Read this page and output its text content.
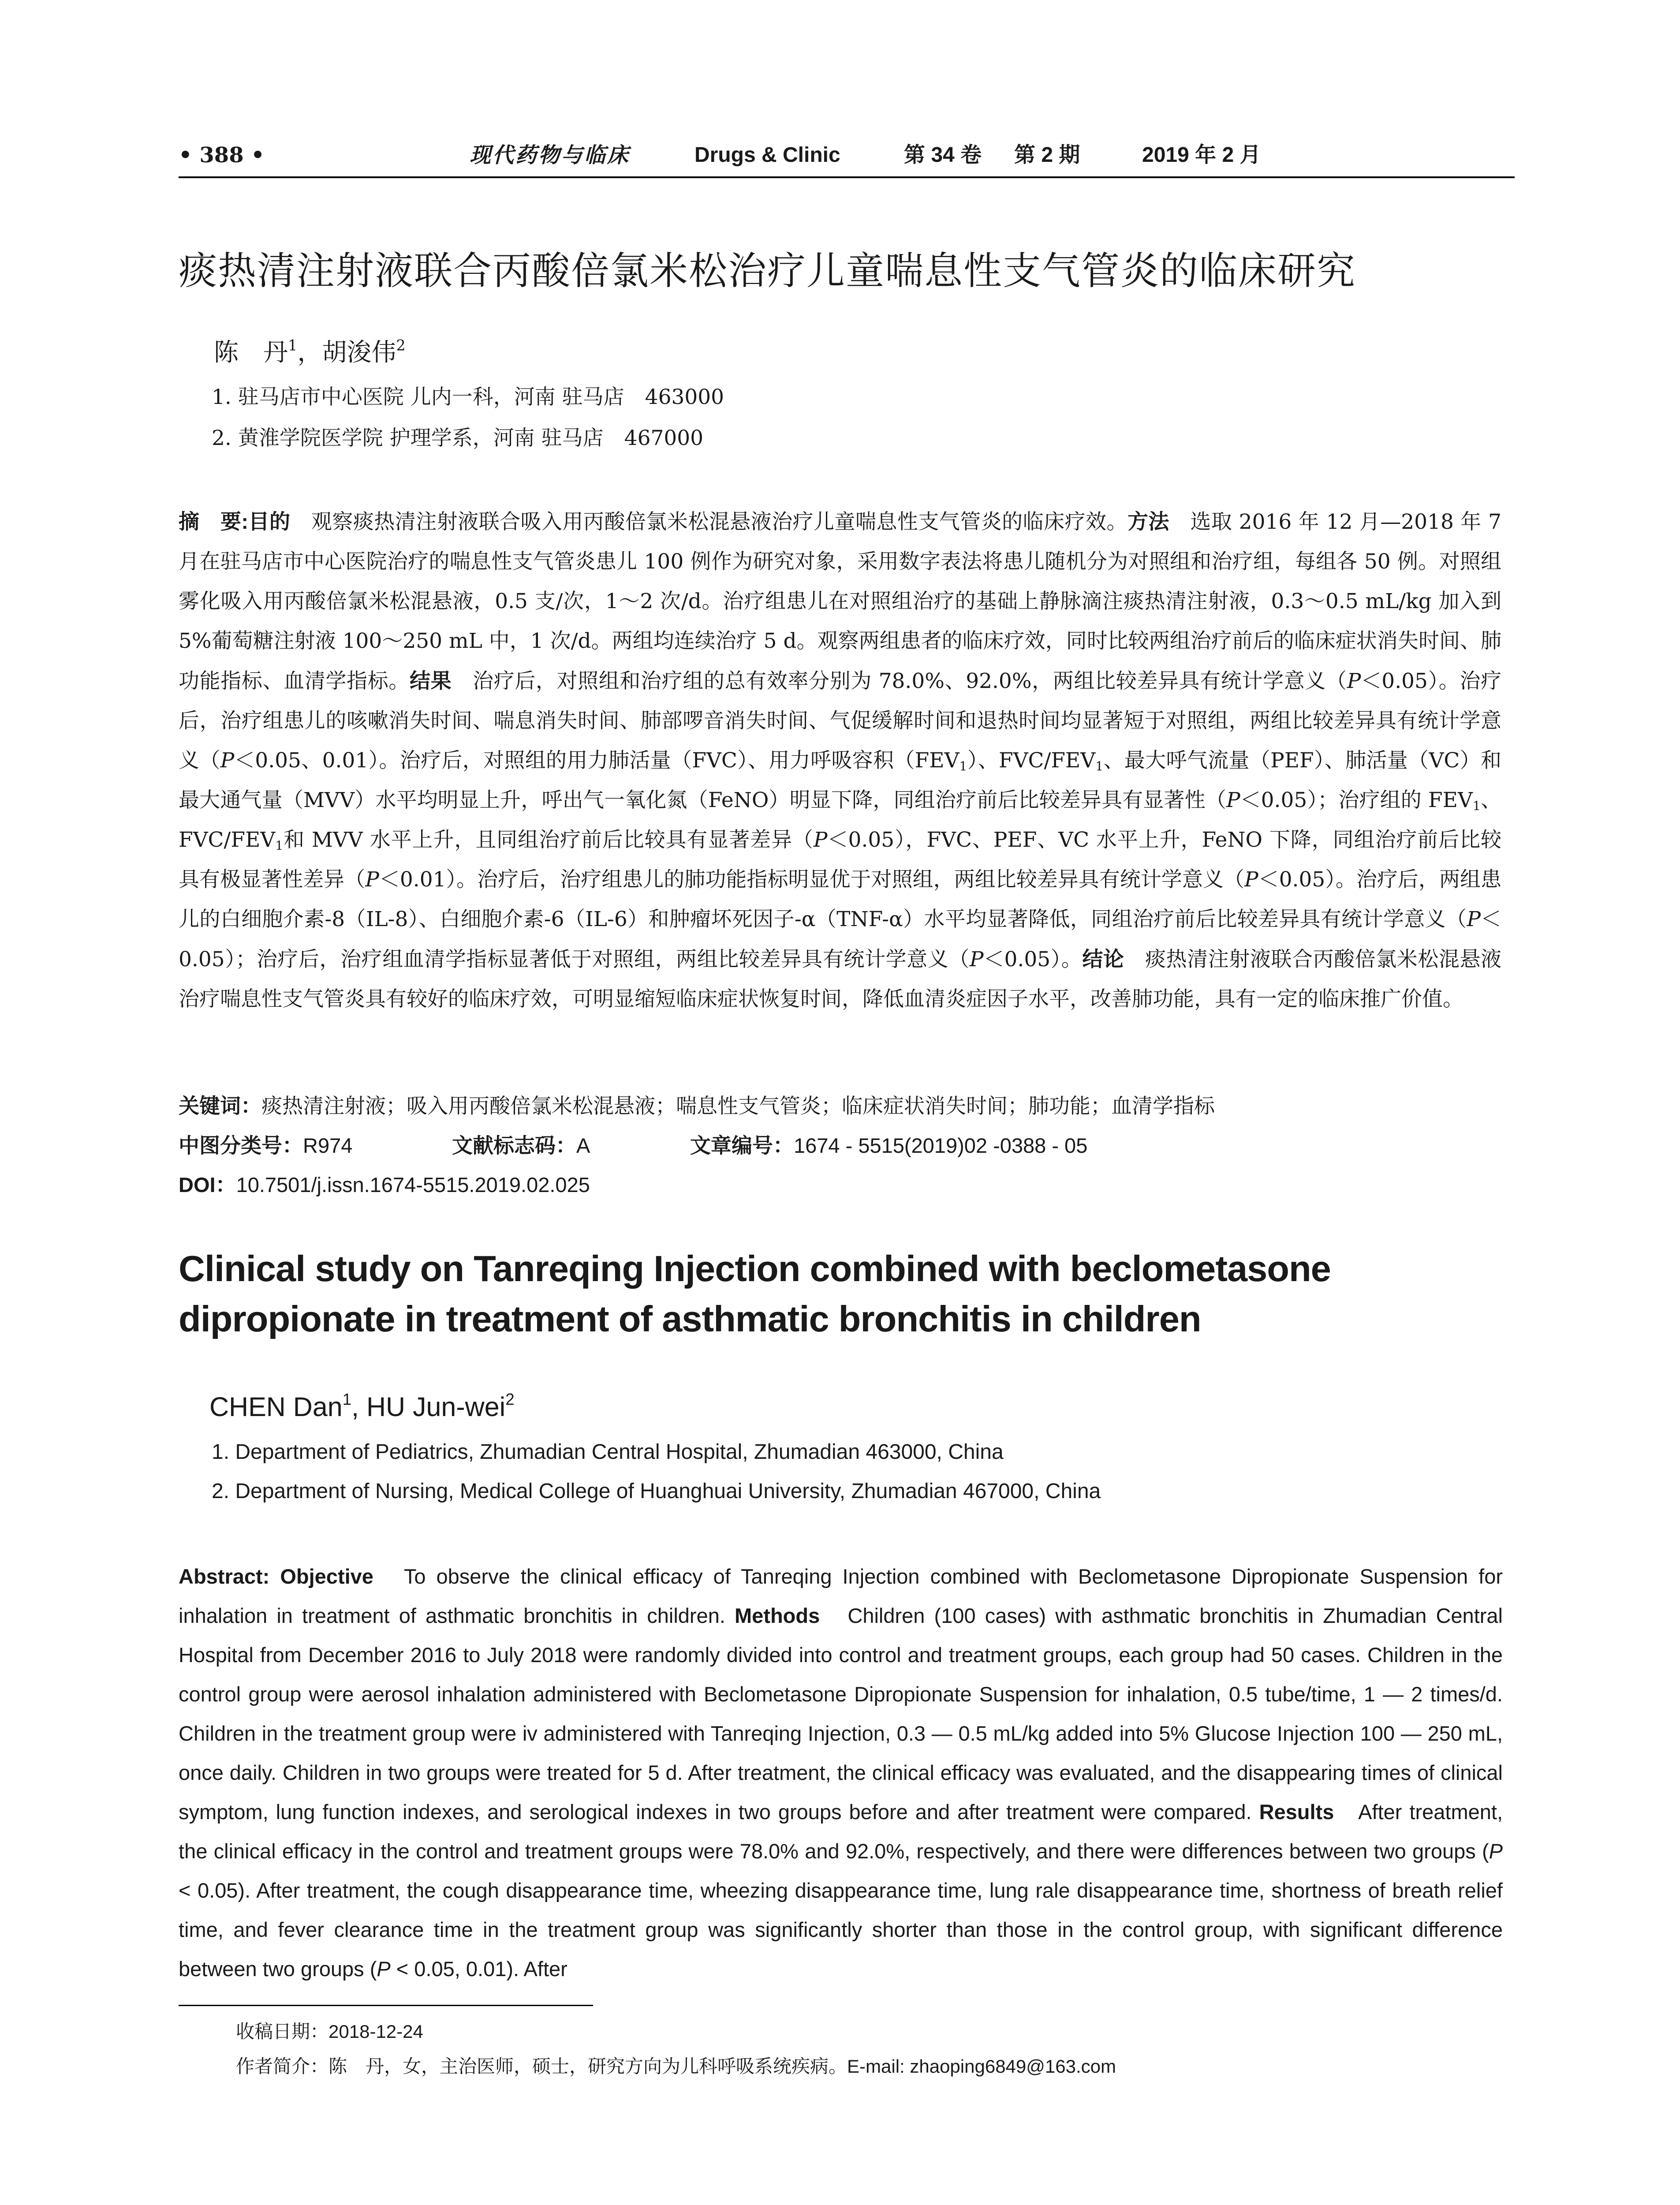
• 388 •	现代药物与临床	Drugs & Clinic	第 34 卷 第 2 期	2019 年 2 月
痰热清注射液联合丙酸倍氯米松治疗儿童喘息性支气管炎的临床研究
陈　丹$^1$，胡浚伟$^2$
1. 驻马店市中心医院 儿内一科，河南 驻马店　463000
2. 黄淮学院医学院 护理学系，河南 驻马店　467000
摘　要:目的　观察痰热清注射液联合吸入用丙酸倍氯米松混悬液治疗儿童喘息性支气管炎的临床疗效。方法　选取 2016 年 12 月—2018 年 7 月在驻马店市中心医院治疗的喘息性支气管炎患儿 100 例作为研究对象，采用数字表法将患儿随机分为对照组和治疗组，每组各 50 例。对照组雾化吸入用丙酸倍氯米松混悬液，0.5 支/次，1～2 次/d。治疗组患儿在对照组治疗的基础上静脉滴注痰热清注射液，0.3～0.5 mL/kg 加入到 5%葡萄糖注射液 100～250 mL 中，1 次/d。两组均连续治疗 5 d。观察两组患者的临床疗效，同时比较两组治疗前后的临床症状消失时间、肺功能指标、血清学指标。结果　治疗后，对照组和治疗组的总有效率分别为 78.0%、92.0%，两组比较差异具有统计学意义（P＜0.05）。治疗后，治疗组患儿的咳嗽消失时间、喘息消失时间、肺部啰音消失时间、气促缓解时间和退热时间均显著短于对照组，两组比较差异具有统计学意义（P＜0.05、0.01）。治疗后，对照组的用力肺活量（FVC）、用力呼吸容积$(FEV_1)$、FVC/$FEV_1$、最大呼气流量（PEF）、肺活量（VC）和最大通气量（MVV）水平均明显上升，呼出气一氧化氮（FeNO）明显下降，同组治疗前后比较差异具有显著性（P＜0.05）；治疗组的 $FEV_1$、FVC/$FEV_1$和 MVV 水平上升，且同组治疗前后比较具有显著差异（P＜0.05），FVC、PEF、VC 水平上升，FeNO 下降，同组治疗前后比较具有极显著性差异（P＜0.01）。治疗后，治疗组患儿的肺功能指标明显优于对照组，两组比较差异具有统计学意义（P＜0.05）。治疗后，两组患儿的白细胞介素-8（IL-8）、白细胞介素-6（IL-6）和肿瘤坏死因子-α（TNF-α）水平均显著降低，同组治疗前后比较差异具有统计学意义（P＜0.05）；治疗后，治疗组血清学指标显著低于对照组，两组比较差异具有统计学意义（P＜0.05）。结论　痰热清注射液联合丙酸倍氯米松混悬液治疗喘息性支气管炎具有较好的临床疗效，可明显缩短临床症状恢复时间，降低血清炎症因子水平，改善肺功能，具有一定的临床推广价值。
关键词：痰热清注射液；吸入用丙酸倍氯米松混悬液；喘息性支气管炎；临床症状消失时间；肺功能；血清学指标
中图分类号：R974	文献标志码：A	文章编号：1674 - 5515(2019)02 -0388 - 05
DOI：10.7501/j.issn.1674-5515.2019.02.025
Clinical study on Tanreqing Injection combined with beclometasone dipropionate in treatment of asthmatic bronchitis in children
CHEN Dan$^1$, HU Jun-wei$^2$
1. Department of Pediatrics, Zhumadian Central Hospital, Zhumadian 463000, China
2. Department of Nursing, Medical College of Huanghuai University, Zhumadian 467000, China
Abstract: Objective　To observe the clinical efficacy of Tanreqing Injection combined with Beclometasone Dipropionate Suspension for inhalation in treatment of asthmatic bronchitis in children. Methods　Children (100 cases) with asthmatic bronchitis in Zhumadian Central Hospital from December 2016 to July 2018 were randomly divided into control and treatment groups, each group had 50 cases. Children in the control group were aerosol inhalation administered with Beclometasone Dipropionate Suspension for inhalation, 0.5 tube/time, 1 — 2 times/d. Children in the treatment group were iv administered with Tanreqing Injection, 0.3 — 0.5 mL/kg added into 5% Glucose Injection 100 — 250 mL, once daily. Children in two groups were treated for 5 d. After treatment, the clinical efficacy was evaluated, and the disappearing times of clinical symptom, lung function indexes, and serological indexes in two groups before and after treatment were compared. Results　After treatment, the clinical efficacy in the control and treatment groups were 78.0% and 92.0%, respectively, and there were differences between two groups (P < 0.05). After treatment, the cough disappearance time, wheezing disappearance time, lung rale disappearance time, shortness of breath relief time, and fever clearance time in the treatment group was significantly shorter than those in the control group, with significant difference between two groups (P < 0.05, 0.01). After
收稿日期：2018-12-24
作者简介：陈　丹，女，主治医师，硕士，研究方向为儿科呼吸系统疾病。E-mail: zhaoping6849@163.com
